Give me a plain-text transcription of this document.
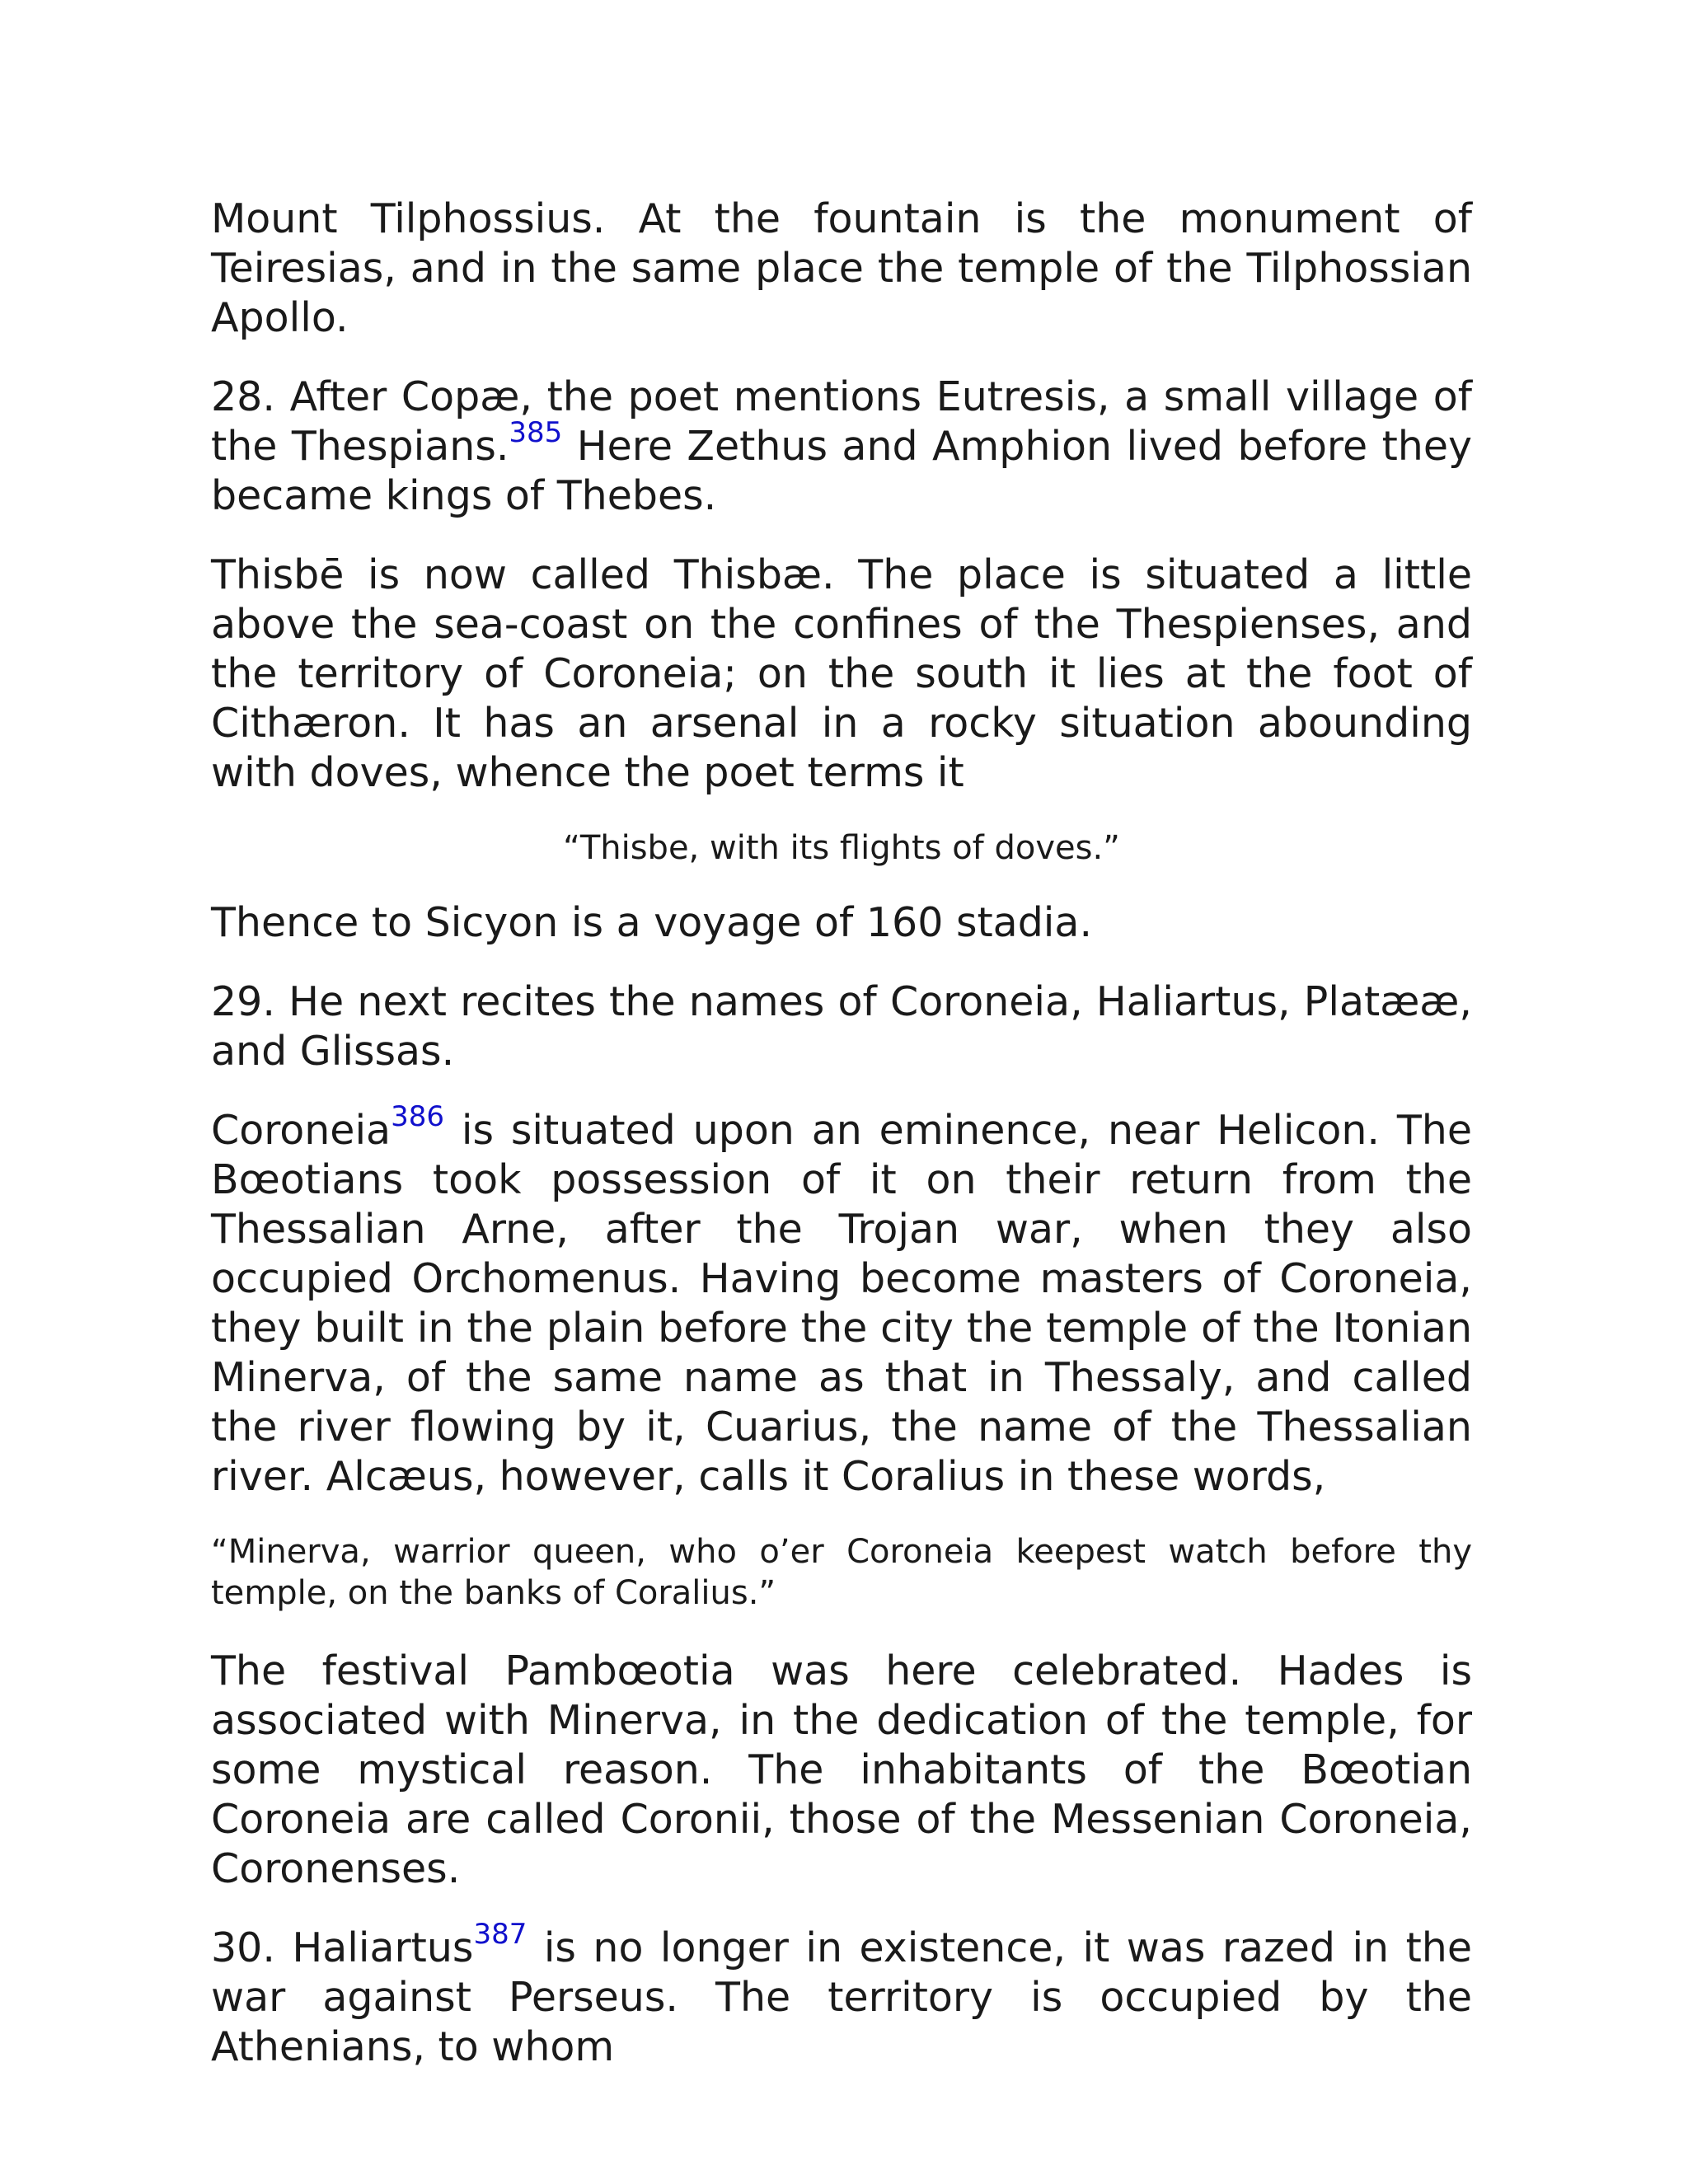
Mount Tilphossius. At the fountain is the monument of Teiresias, and in the same place the temple of the Tilphossian Apollo.

28. After Copæ, the poet mentions Eutresis, a small village of the Thespians.$^{385}$ Here Zethus and Amphion lived before they became kings of Thebes.

Thisbē is now called Thisbæ. The place is situated a little above the sea-coast on the confines of the Thespienses, and the territory of Coroneia; on the south it lies at the foot of Cithæron. It has an arsenal in a rocky situation abounding with doves, whence the poet terms it

“Thisbe, with its flights of doves.”

Thence to Sicyon is a voyage of 160 stadia.

29. He next recites the names of Coroneia, Haliartus, Platææ, and Glissas.

Coroneia$^{386}$ is situated upon an eminence, near Helicon. The Bœotians took possession of it on their return from the Thessalian Arne, after the Trojan war, when they also occupied Orchomenus. Having become masters of Coroneia, they built in the plain before the city the temple of the Itonian Minerva, of the same name as that in Thessaly, and called the river flowing by it, Cuarius, the name of the Thessalian river. Alcæus, however, calls it Coralius in these words,

“Minerva, warrior queen, who o’er Coroneia keepest watch before thy temple, on the banks of Coralius.”

The festival Pambœotia was here celebrated. Hades is associated with Minerva, in the dedication of the temple, for some mystical reason. The inhabitants of the Bœotian Coroneia are called Coronii, those of the Messenian Coroneia, Coronenses.

30. Haliartus$^{387}$ is no longer in existence, it was razed in the war against Perseus. The territory is occupied by the Athenians, to whom
